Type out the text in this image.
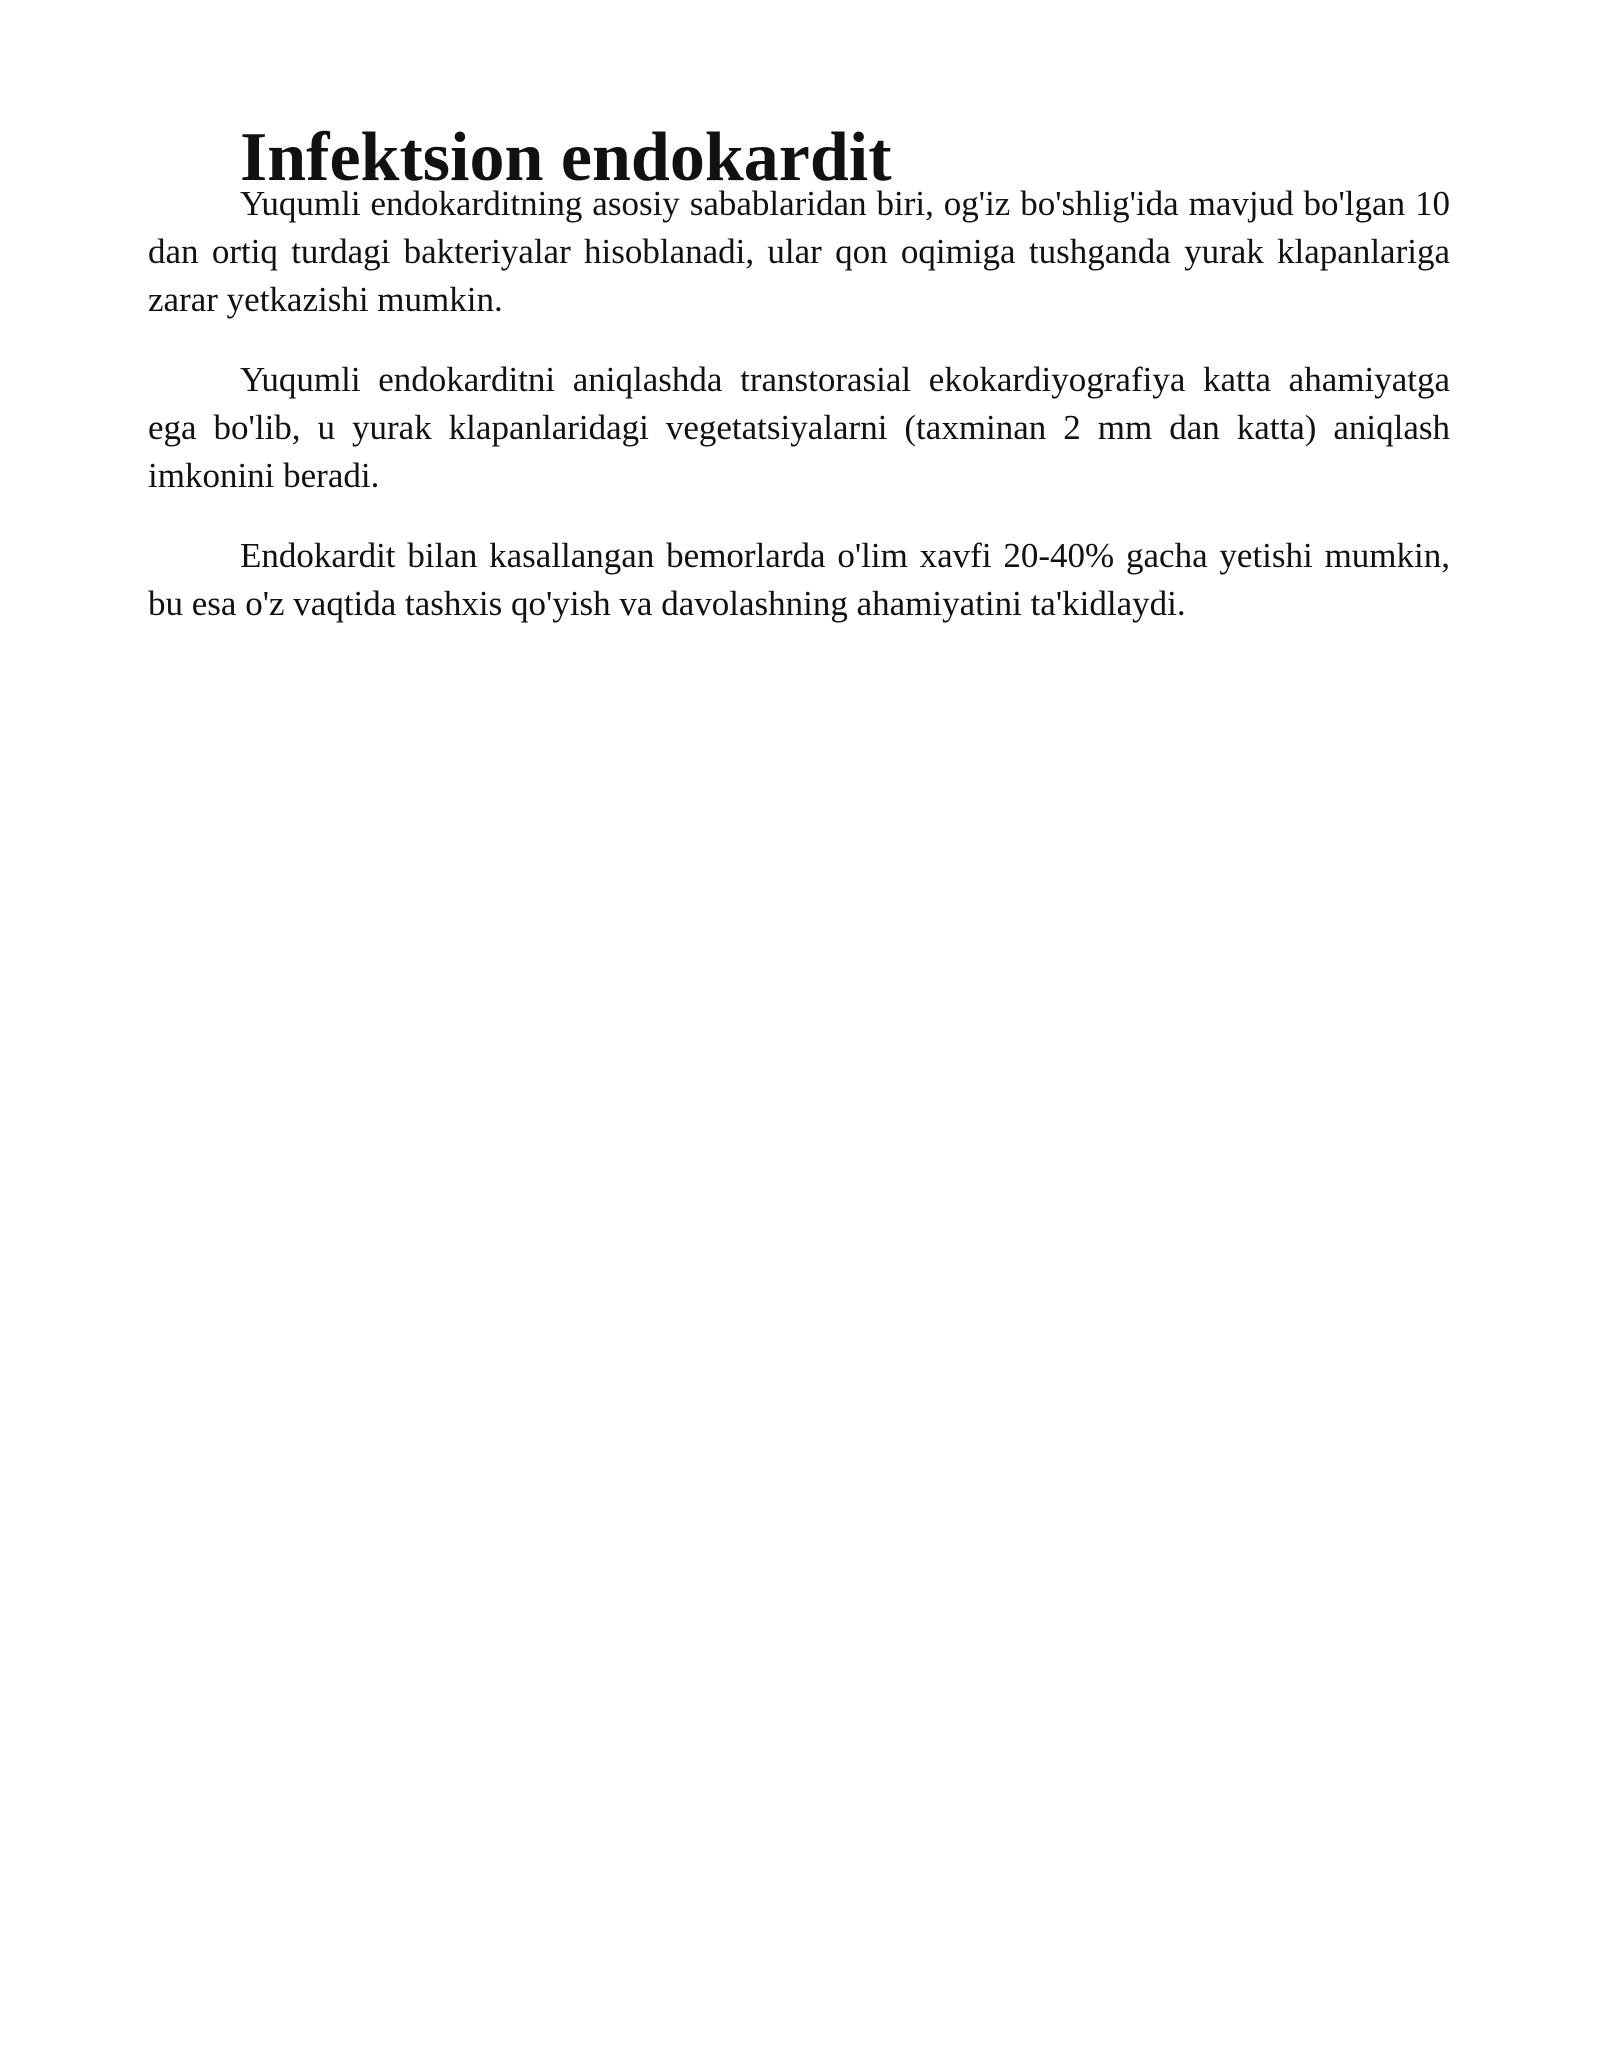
Infektsion endokardit

Yuqumli endokarditning asosiy sabablaridan biri, og'iz bo'shlig'ida mavjud bo'lgan 10 dan ortiq turdagi bakteriyalar hisoblanadi, ular qon oqimiga tushganda yurak klapanlariga zarar yetkazishi mumkin.

Yuqumli endokarditni aniqlashda transtorasial ekokardiyografiya katta ahamiyatga ega bo'lib, u yurak klapanlaridagi vegetatsiyalarni (taxminan 2 mm dan katta) aniqlash imkonini beradi.

Endokardit bilan kasallangan bemorlarda o'lim xavfi 20-40% gacha yetishi mumkin, bu esa o'z vaqtida tashxis qo'yish va davolashning ahamiyatini ta'kidlaydi.
